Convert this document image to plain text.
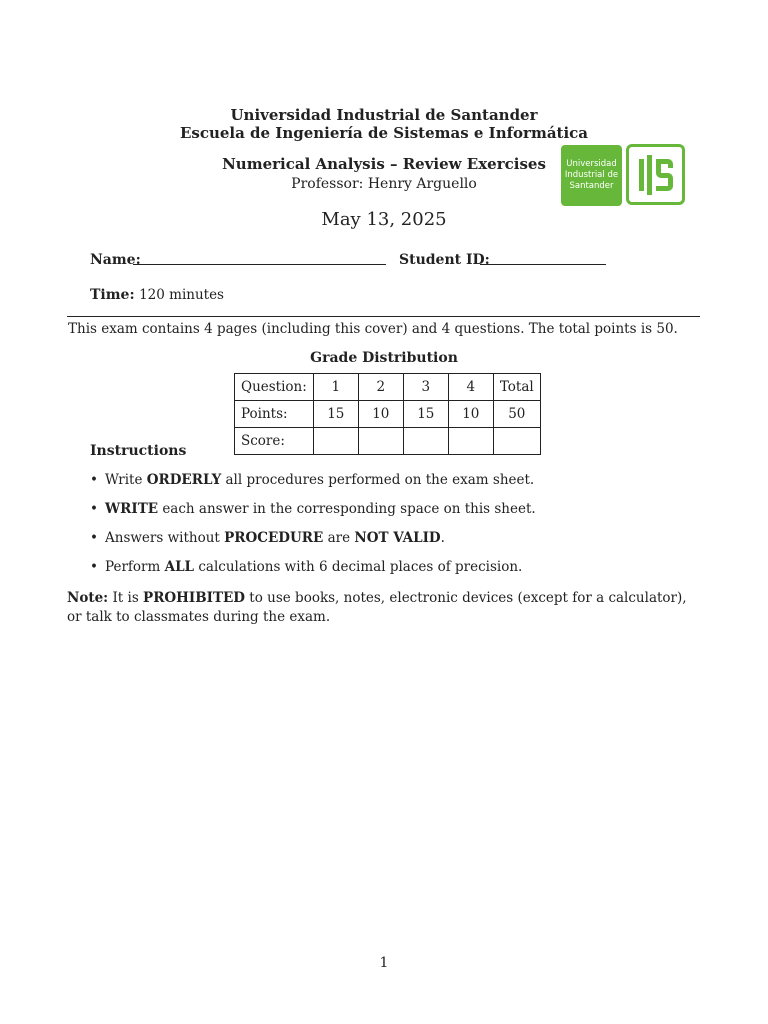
Universidad Industrial de Santander
Escuela de Ingeniería de Sistemas e Informática
Numerical Analysis – Review Exercises
Professor: Henry Arguello
May 13, 2025
Universidad
Industrial de
Santander
Name:	Student ID:
Time: 120 minutes
This exam contains 4 pages (including this cover) and 4 questions. The total points is 50.
Grade Distribution
Question:	1	2	3	4	Total
Points:	15	10	15	10	50
Score:					
Instructions
• Write ORDERLY all procedures performed on the exam sheet.
• WRITE each answer in the corresponding space on this sheet.
• Answers without PROCEDURE are NOT VALID.
• Perform ALL calculations with 6 decimal places of precision.
Note: It is PROHIBITED to use books, notes, electronic devices (except for a calculator), or talk to classmates during the exam.
1
